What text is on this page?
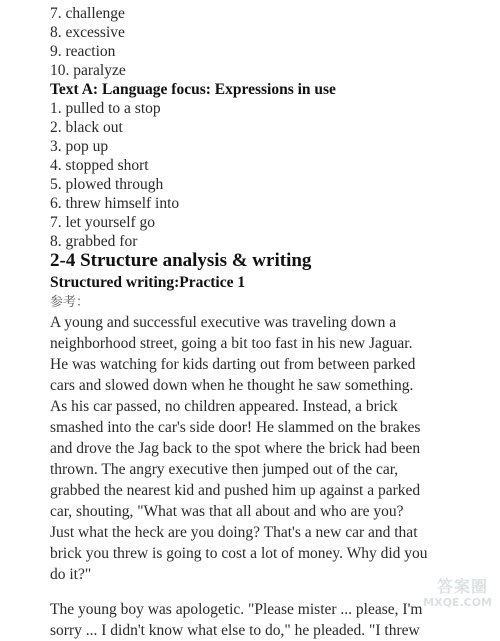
7. challenge
8. excessive
9. reaction
10. paralyze
Text A: Language focus: Expressions in use
1. pulled to a stop
2. black out
3. pop up
4. stopped short
5. plowed through
6. threw himself into
7. let yourself go
8. grabbed for
2-4 Structure analysis & writing
Structured writing:Practice 1
参考：
A young and successful executive was traveling down a
neighborhood street, going a bit too fast in his new Jaguar.
He was watching for kids darting out from between parked
cars and slowed down when he thought he saw something.
As his car passed, no children appeared. Instead, a brick
smashed into the car's side door! He slammed on the brakes
and drove the Jag back to the spot where the brick had been
thrown. The angry executive then jumped out of the car,
grabbed the nearest kid and pushed him up against a parked
car, shouting, "What was that all about and who are you?
Just what the heck are you doing? That's a new car and that
brick you threw is going to cost a lot of money. Why did you
do it?"
The young boy was apologetic. "Please mister ... please, I'm
sorry ... I didn't know what else to do," he pleaded. "I threw
答案圈
MXQE.COM
